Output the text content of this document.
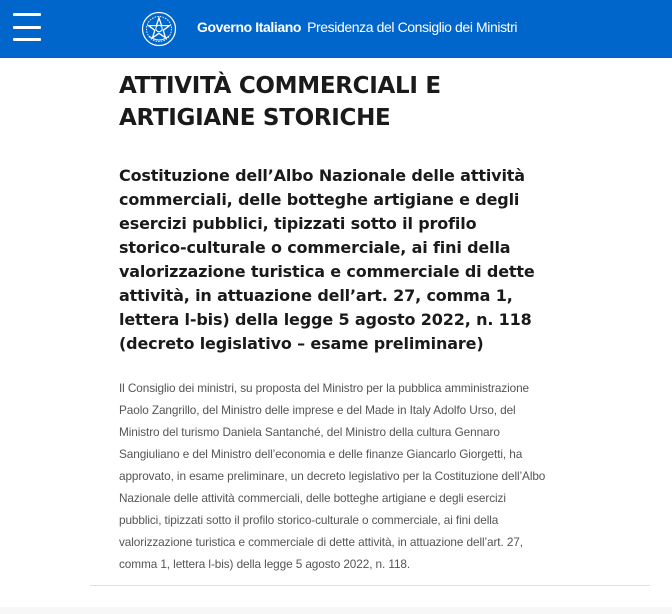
Governo Italiano Presidenza del Consiglio dei Ministri
ATTIVITÀ COMMERCIALI E ARTIGIANE STORICHE
Costituzione dell’Albo Nazionale delle attività commerciali, delle botteghe artigiane e degli esercizi pubblici, tipizzati sotto il profilo storico-culturale o commerciale, ai fini della valorizzazione turistica e commerciale di dette attività, in attuazione dell’art. 27, comma 1, lettera l-bis) della legge 5 agosto 2022, n. 118 (decreto legislativo – esame preliminare)

Il Consiglio dei ministri, su proposta del Ministro per la pubblica amministrazione Paolo Zangrillo, del Ministro delle imprese e del Made in Italy Adolfo Urso, del Ministro del turismo Daniela Santanché, del Ministro della cultura Gennaro Sangiuliano e del Ministro dell’economia e delle finanze Giancarlo Giorgetti, ha approvato, in esame preliminare, un decreto legislativo per la Costituzione dell’Albo Nazionale delle attività commerciali, delle botteghe artigiane e degli esercizi pubblici, tipizzati sotto il profilo storico-culturale o commerciale, ai fini della valorizzazione turistica e commerciale di dette attività, in attuazione dell’art. 27, comma 1, lettera l-bis) della legge 5 agosto 2022, n. 118.
